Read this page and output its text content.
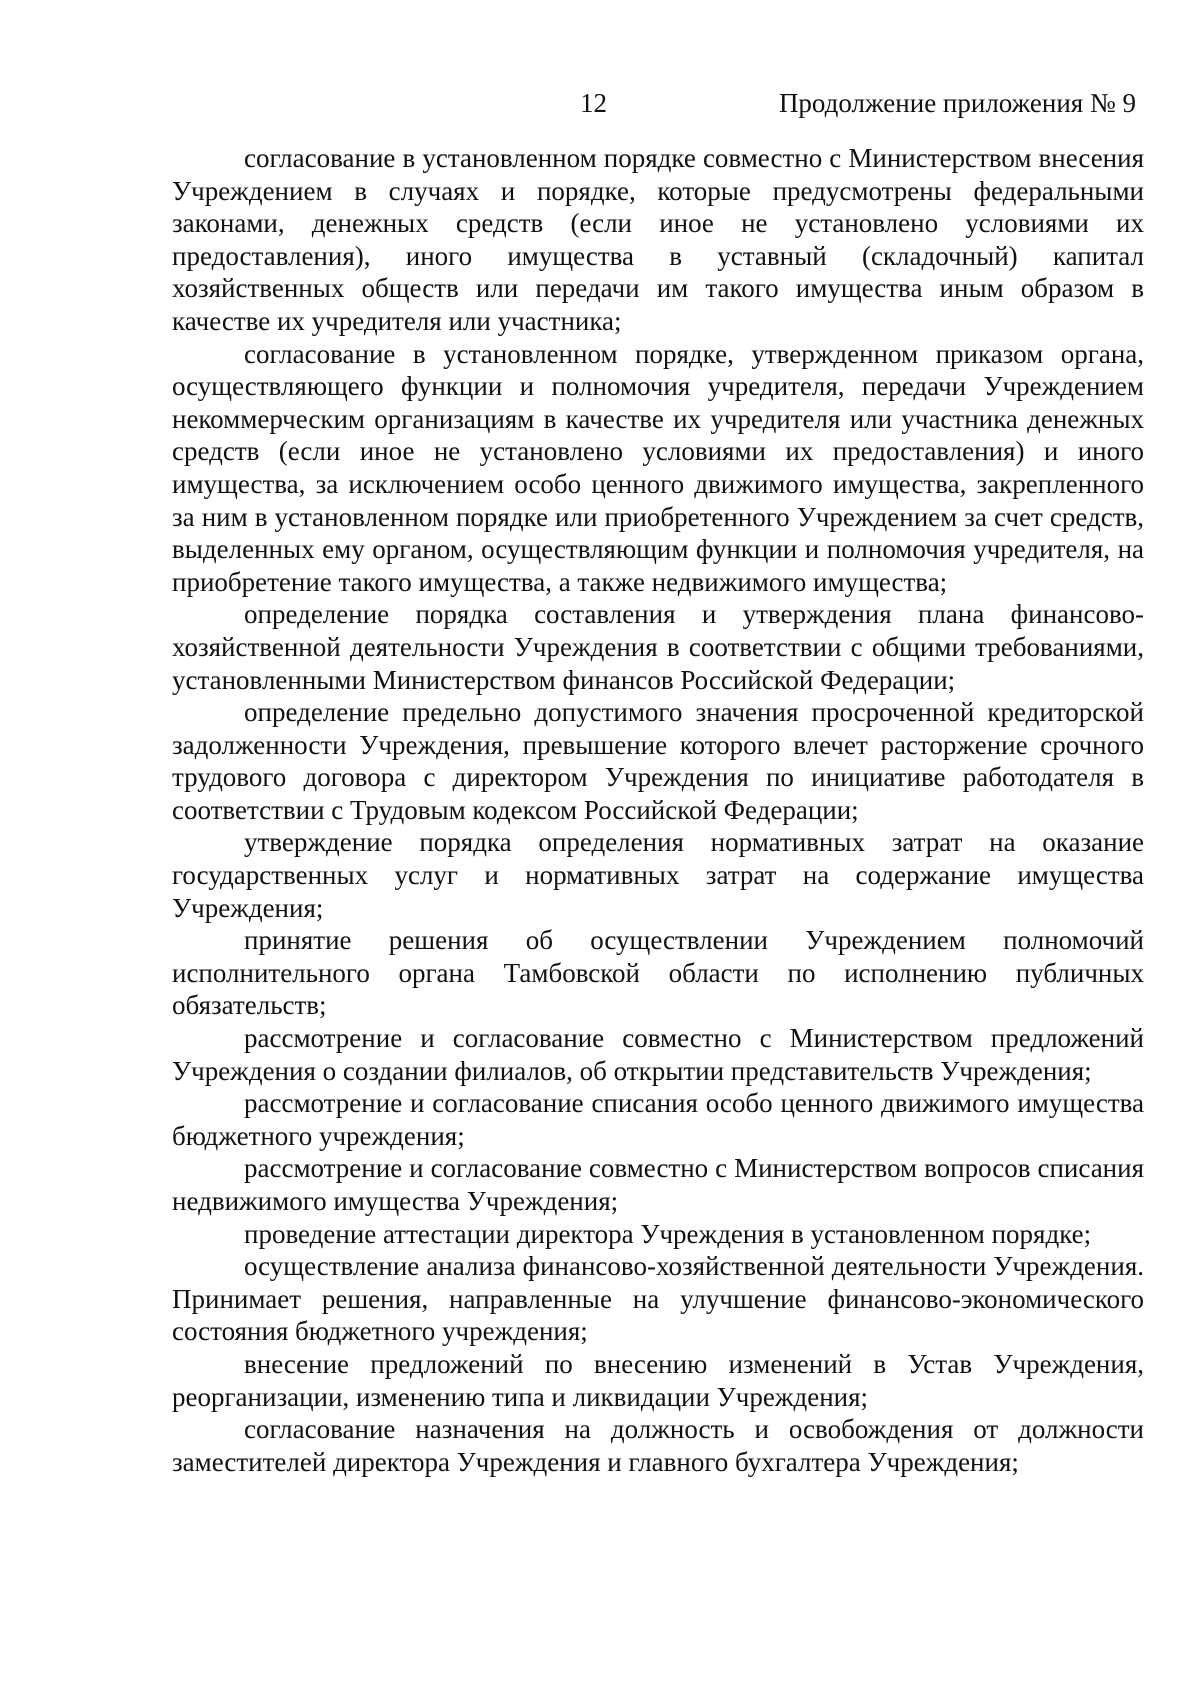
12	Продолжение приложения № 9

согласование в установленном порядке совместно с Министерством внесения Учреждением в случаях и порядке, которые предусмотрены федеральными законами, денежных средств (если иное не установлено условиями их предоставления), иного имущества в уставный (складочный) капитал хозяйственных обществ или передачи им такого имущества иным образом в качестве их учредителя или участника;

согласование в установленном порядке, утвержденном приказом органа, осуществляющего функции и полномочия учредителя, передачи Учреждением некоммерческим организациям в качестве их учредителя или участника денежных средств (если иное не установлено условиями их предоставления) и иного имущества, за исключением особо ценного движимого имущества, закрепленного за ним в установленном порядке или приобретенного Учреждением за счет средств, выделенных ему органом, осуществляющим функции и полномочия учредителя, на приобретение такого имущества, а также недвижимого имущества;

определение порядка составления и утверждения плана финансово-хозяйственной деятельности Учреждения в соответствии с общими требованиями, установленными Министерством финансов Российской Федерации;

определение предельно допустимого значения просроченной кредиторской задолженности Учреждения, превышение которого влечет расторжение срочного трудового договора с директором Учреждения по инициативе работодателя в соответствии с Трудовым кодексом Российской Федерации;

утверждение порядка определения нормативных затрат на оказание государственных услуг и нормативных затрат на содержание имущества Учреждения;

принятие решения об осуществлении Учреждением полномочий исполнительного органа Тамбовской области по исполнению публичных обязательств;

рассмотрение и согласование совместно с Министерством предложений Учреждения о создании филиалов, об открытии представительств Учреждения;

рассмотрение и согласование списания особо ценного движимого имущества бюджетного учреждения;

рассмотрение и согласование совместно с Министерством вопросов списания недвижимого имущества Учреждения;

проведение аттестации директора Учреждения в установленном порядке;

осуществление анализа финансово-хозяйственной деятельности Учреждения. Принимает решения, направленные на улучшение финансово-экономического состояния бюджетного учреждения;

внесение предложений по внесению изменений в Устав Учреждения, реорганизации, изменению типа и ликвидации Учреждения;

согласование назначения на должность и освобождения от должности заместителей директора Учреждения и главного бухгалтера Учреждения;
